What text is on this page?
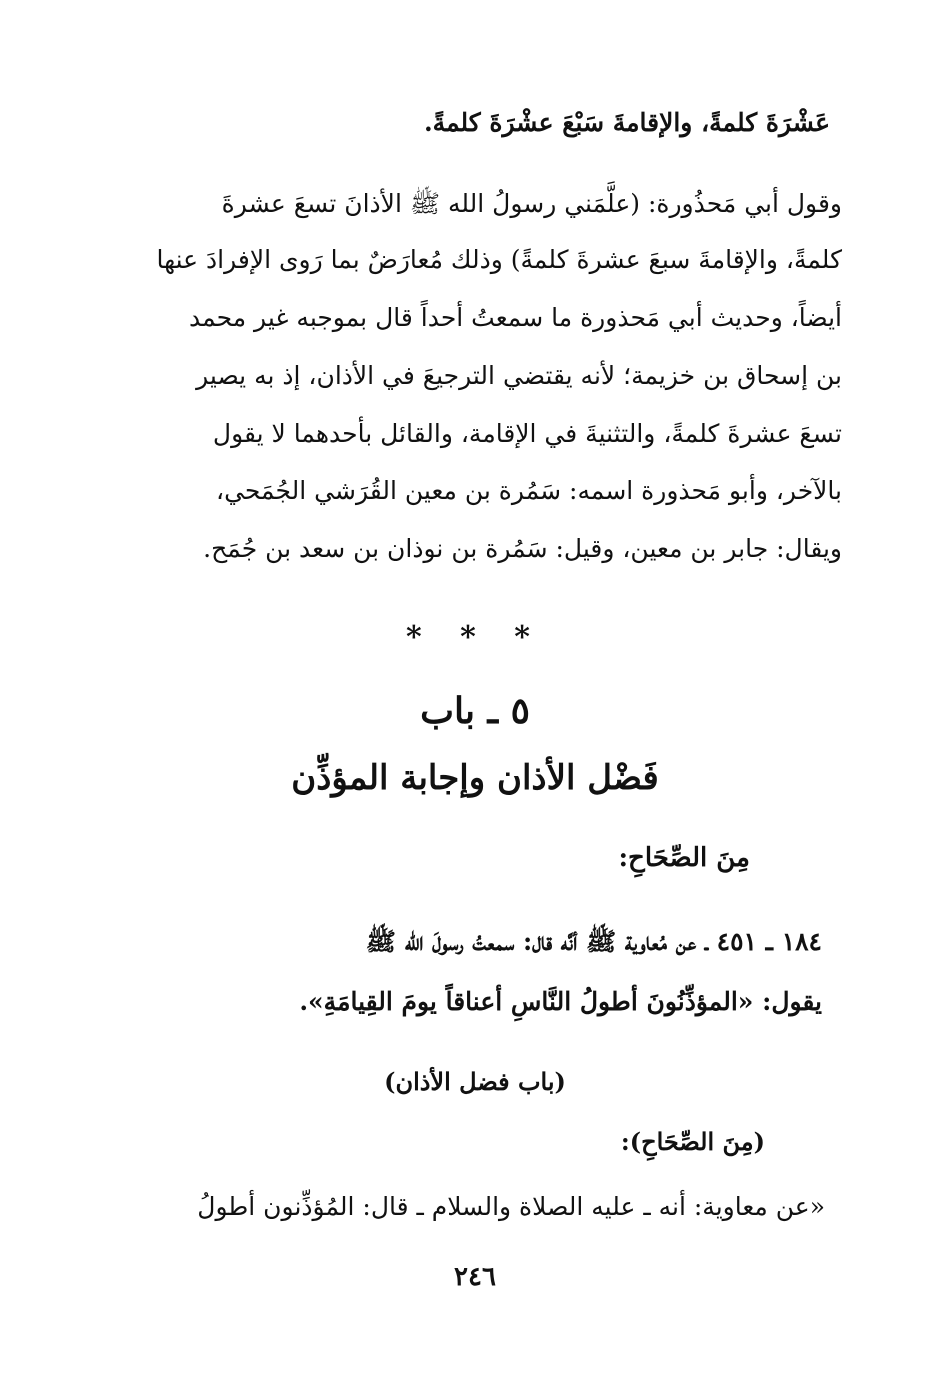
عَشْرَةَ كلمةً، والإقامةَ سَبْعَ عشْرَةَ كلمةً.
وقول أبي مَحذُورة: (علَّمَني رسولُ الله ﷺ الأذانَ تسعَ عشرةَ
كلمةً، والإقامةَ سبعَ عشرةَ كلمةً) وذلك مُعارَضٌ بما رَوى الإفرادَ عنها
أيضاً، وحديث أبي مَحذورة ما سمعتُ أحداً قال بموجبه غير محمد
بن إسحاق بن خزيمة؛ لأنه يقتضي الترجيعَ في الأذان، إذ به يصير
تسعَ عشرةَ كلمةً، والتثنيةَ في الإقامة، والقائل بأحدهما لا يقول
بالآخر، وأبو مَحذورة اسمه: سَمُرة بن معين القُرَشي الجُمَحي،
ويقال: جابر بن معين، وقيل: سَمُرة بن نوذان بن سعد بن جُمَح.
* * *
٥ ـ باب
فَضْل الأذان وإجابة المؤذِّن
مِنَ الصِّحَاحِ:
١٨٤ ـ ٤٥١ ـ عن مُعاوية ﷺ أنَّه قال: سمعتُ رسولَ الله ﷺ
يقول: «المؤذِّنُونَ أطولُ النَّاسِ أعناقاً يومَ القِيامَةِ».
(باب فضل الأذان)
(مِنَ الصِّحَاحِ):
«عن معاوية: أنه ـ عليه الصلاة والسلام ـ قال: المُؤذِّنون أطولُ
٢٤٦
